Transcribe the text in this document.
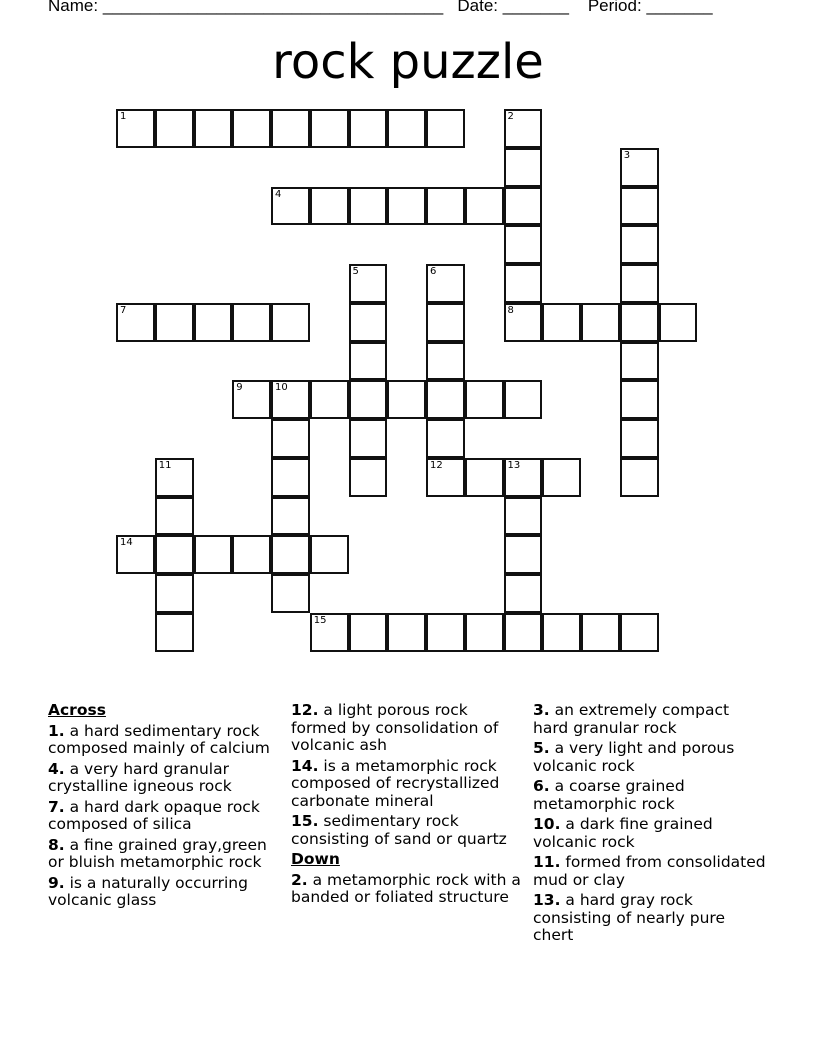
Name: ____________________________________ Date: _______ Period: _______
rock puzzle
1	2
8
3
4
5	6
12
7
9	10
11	13
14
15
Across
1. a hard sedimentary rock composed mainly of calcium
4. a very hard granular crystalline igneous rock
7. a hard dark opaque rock composed of silica
8. a fine grained gray,green or bluish metamorphic rock
9. is a naturally occurring volcanic glass
12. a light porous rock formed by consolidation of volcanic ash
14. is a metamorphic rock composed of recrystallized carbonate mineral
15. sedimentary rock consisting of sand or quartz
Down
2. a metamorphic rock with a banded or foliated structure
3. an extremely compact hard granular rock
5. a very light and porous volcanic rock
6. a coarse grained metamorphic rock
10. a dark fine grained volcanic rock
11. formed from consolidated mud or clay
13. a hard gray rock consisting of nearly pure chert
